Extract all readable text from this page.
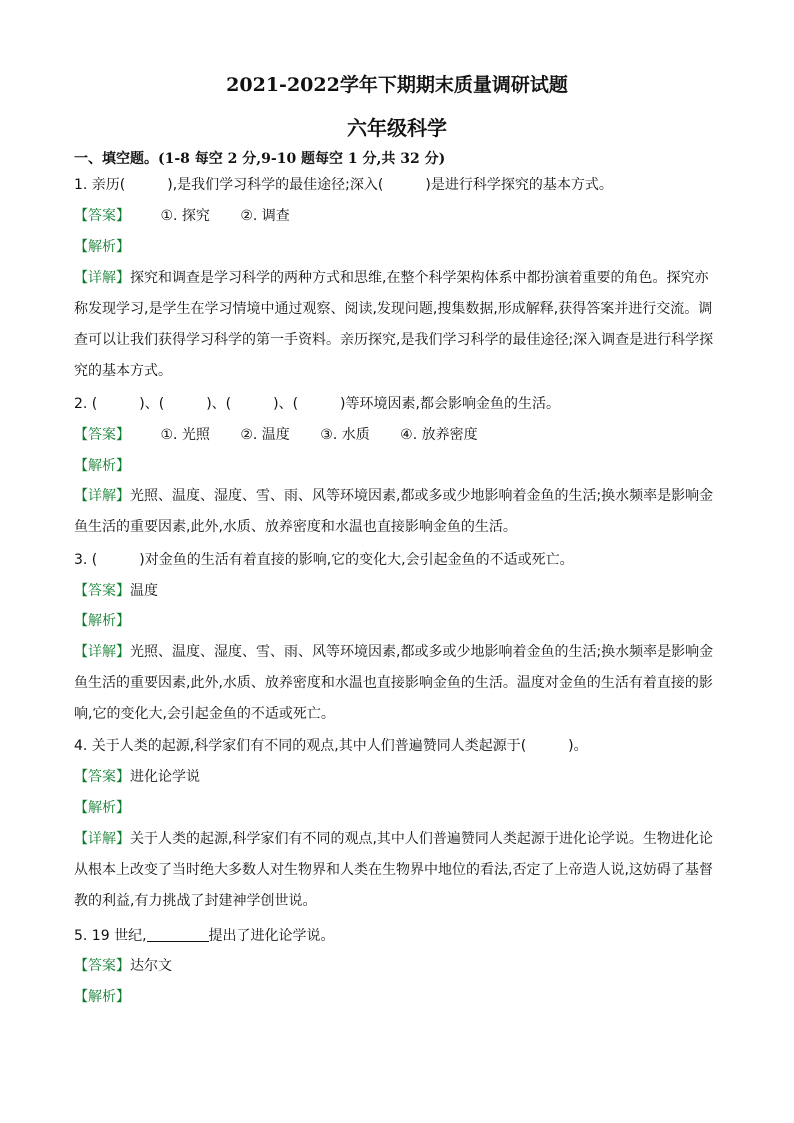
2021-2022学年下期期末质量调研试题
六年级科学
一、填空题。(1-8 每空 2 分,9-10 题每空 1 分,共 32 分)
1. 亲历(　　　),是我们学习科学的最佳途径;深入(　　　)是进行科学探究的基本方式。
【答案】 ①. 探究 ②. 调查
【解析】
【详解】探究和调查是学习科学的两种方式和思维,在整个科学架构体系中都扮演着重要的角色。探究亦称发现学习,是学生在学习情境中通过观察、阅读,发现问题,搜集数据,形成解释,获得答案并进行交流。调查可以让我们获得学习科学的第一手资料。亲历探究,是我们学习科学的最佳途径;深入调查是进行科学探究的基本方式。
2. (　　　)、(　　　)、(　　　)、(　　　)等环境因素,都会影响金鱼的生活。
【答案】 ①. 光照 ②. 温度 ③. 水质 ④. 放养密度
【解析】
【详解】光照、温度、湿度、雪、雨、风等环境因素,都或多或少地影响着金鱼的生活;换水频率是影响金鱼生活的重要因素,此外,水质、放养密度和水温也直接影响金鱼的生活。
3. (　　　)对金鱼的生活有着直接的影响,它的变化大,会引起金鱼的不适或死亡。
【答案】温度
【解析】
【详解】光照、温度、湿度、雪、雨、风等环境因素,都或多或少地影响着金鱼的生活;换水频率是影响金鱼生活的重要因素,此外,水质、放养密度和水温也直接影响金鱼的生活。温度对金鱼的生活有着直接的影响,它的变化大,会引起金鱼的不适或死亡。
4. 关于人类的起源,科学家们有不同的观点,其中人们普遍赞同人类起源于(　　　)。
【答案】进化论学说
【解析】
【详解】关于人类的起源,科学家们有不同的观点,其中人们普遍赞同人类起源于进化论学说。生物进化论从根本上改变了当时绝大多数人对生物界和人类在生物界中地位的看法,否定了上帝造人说,这妨碍了基督教的利益,有力挑战了封建神学创世说。
5. 19 世纪,	提出了进化论学说。
【答案】达尔文
【解析】
